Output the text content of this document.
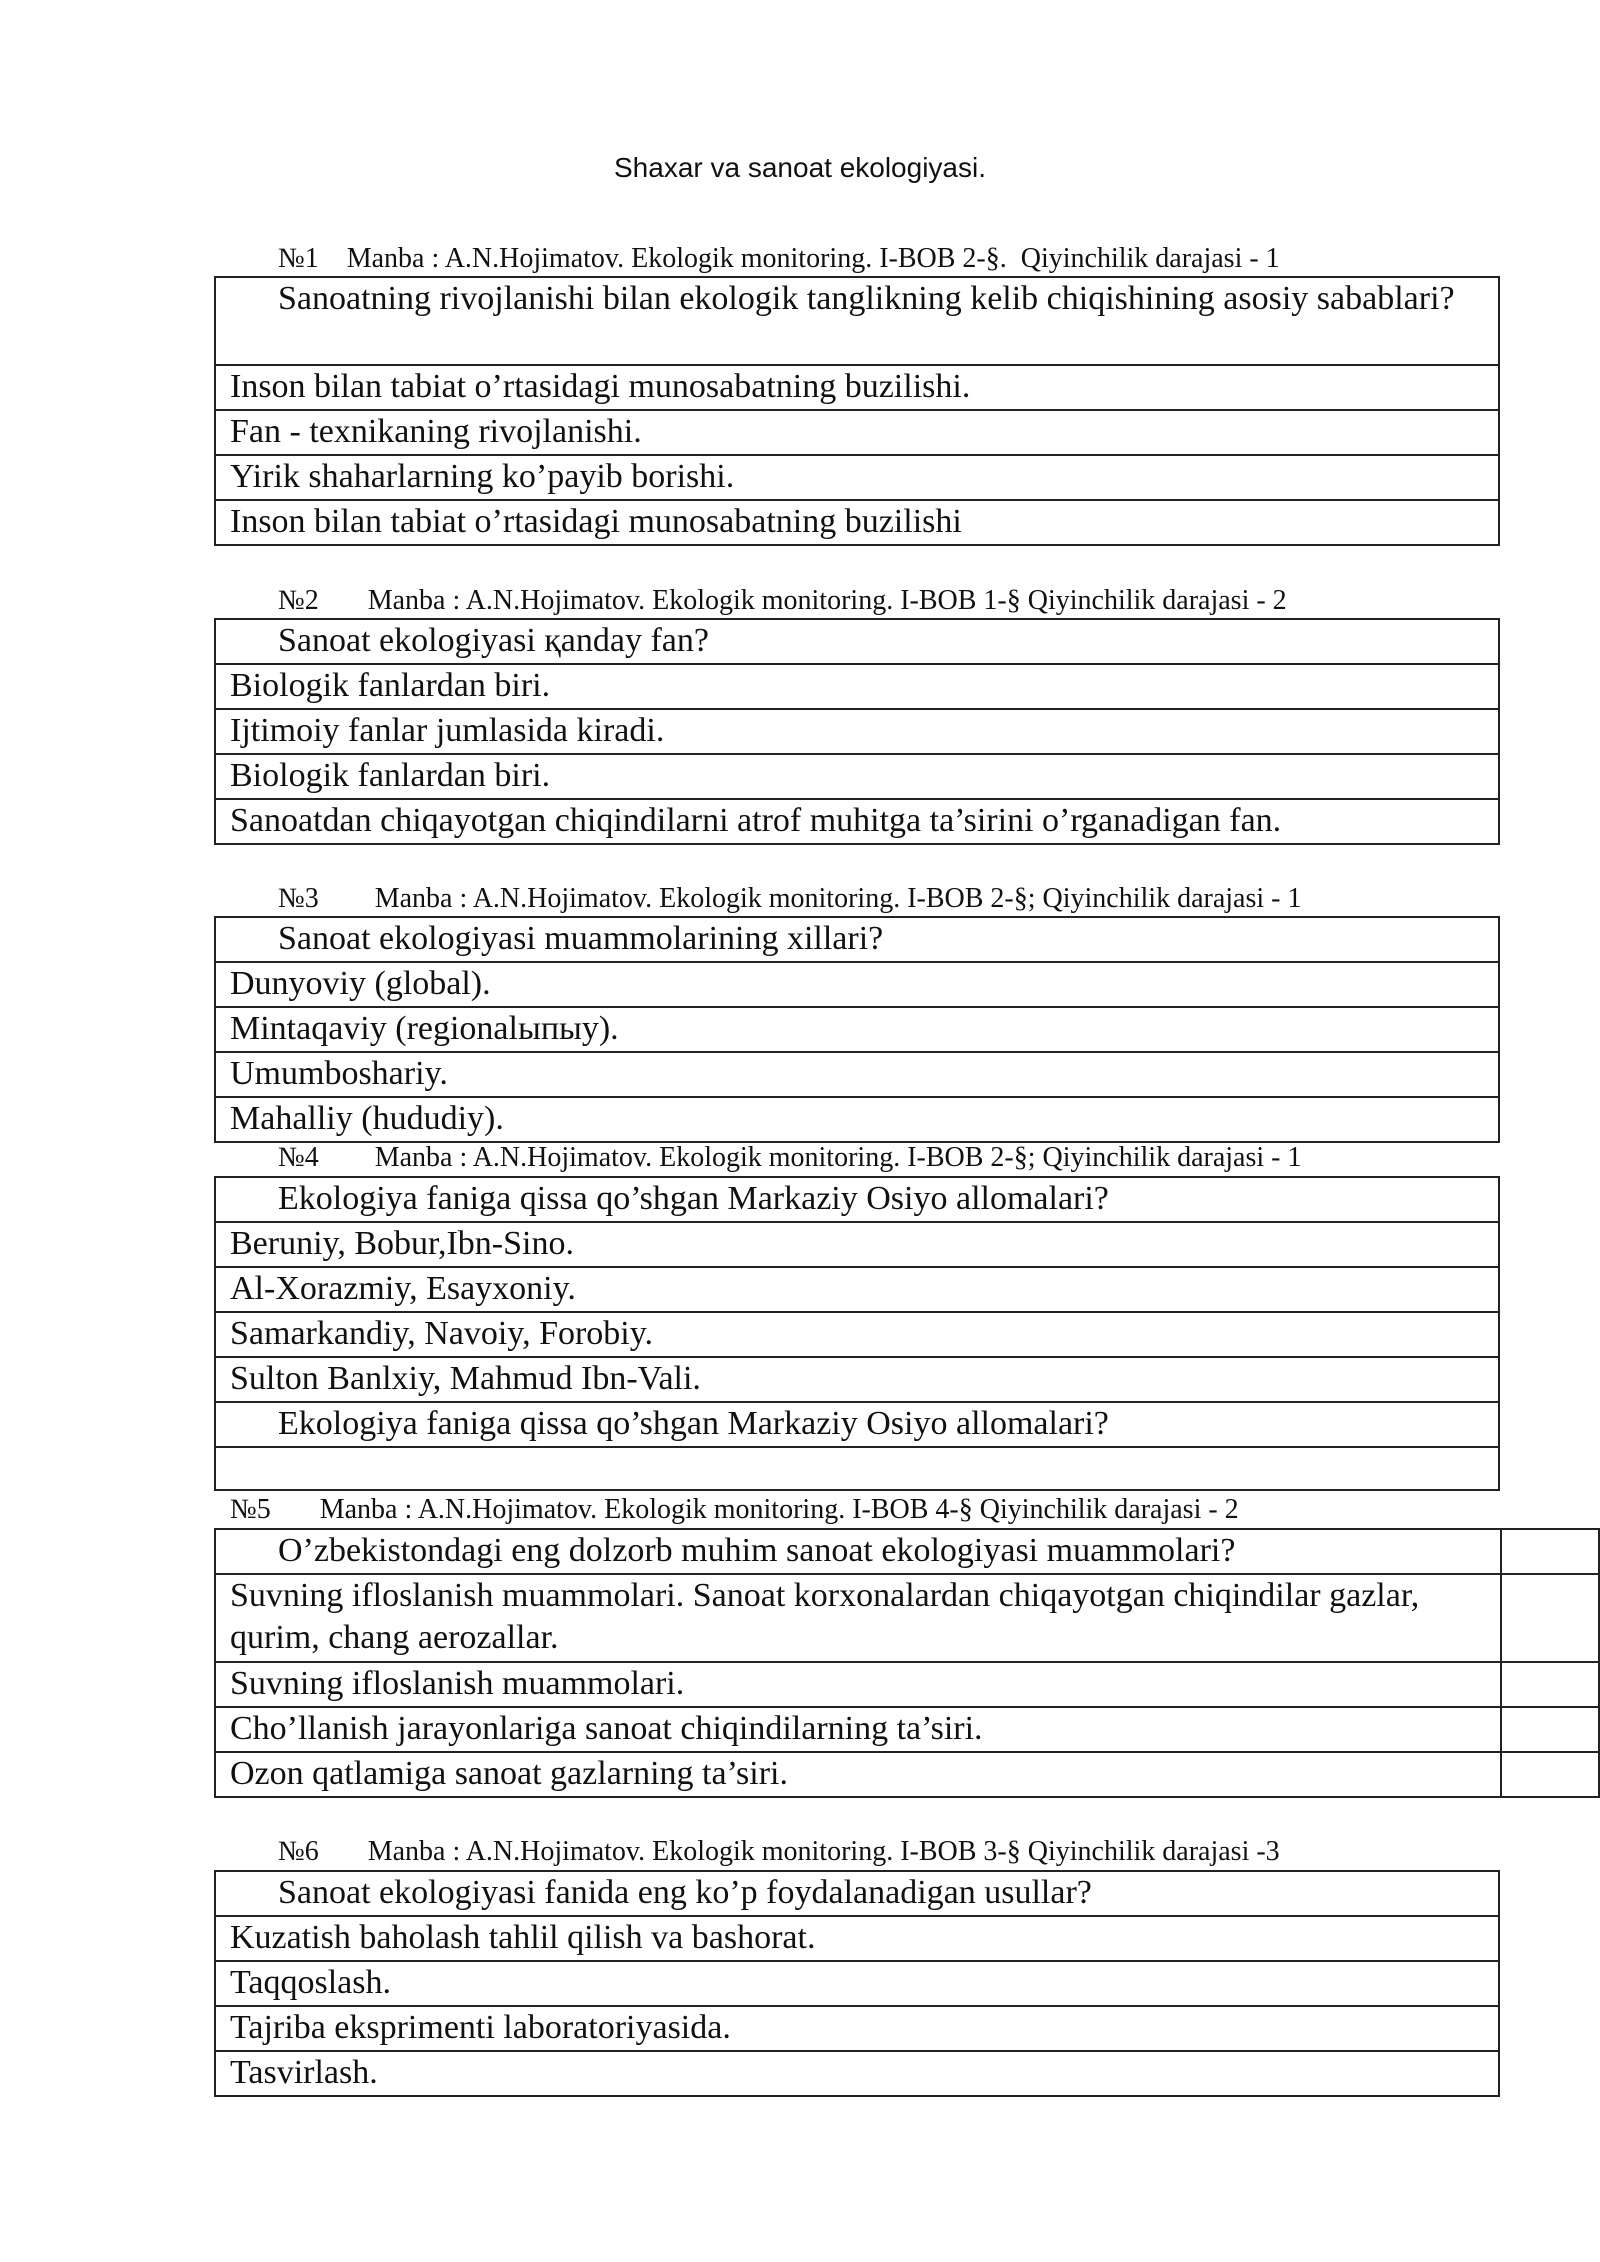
Shaxar va sanoat ekologiyasi.
№1    Manba : A.N.Hojimatov. Ekologik monitoring. I-BOB 2-§.  Qiyinchilik darajasi - 1
Sanoatning rivojlanishi bilan ekologik tanglikning kelib chiqishining asosiy sabablari?
Inson bilan tabiat o’rtasidagi munosabatning buzilishi.
Fan - texnikaning rivojlanishi.
Yirik shaharlarning ko’payib borishi.
Inson bilan tabiat o’rtasidagi munosabatning buzilishi
№2       Manba : A.N.Hojimatov. Ekologik monitoring. I-BOB 1-§ Qiyinchilik darajasi - 2
Sanoat ekologiyasi қanday fan?
Biologik fanlardan biri.
Ijtimoiy fanlar jumlasida kiradi.
Biologik fanlardan biri.
Sanoatdan chiqayotgan chiqindilarni atrof muhitga ta’sirini o’rganadigan fan.
№3        Manba : A.N.Hojimatov. Ekologik monitoring. I-BOB 2-§; Qiyinchilik darajasi - 1
Sanoat ekologiyasi muammolarining xillari?
Dunyoviy (global).
Mintaqaviy (regionalыпыу).
Umumboshariy.
Mahalliy (hududiy).
№4        Manba : A.N.Hojimatov. Ekologik monitoring. I-BOB 2-§; Qiyinchilik darajasi - 1
Ekologiya faniga qissa qo’shgan Markaziy Osiyo allomalari?
Beruniy, Bobur,Ibn-Sino.
Al-Xorazmiy, Esayxoniy.
Samarkandiy, Navoiy, Forobiy.
Sulton Banlxiy, Mahmud Ibn-Vali.
Ekologiya faniga qissa qo’shgan Markaziy Osiyo allomalari?

№5       Manba : A.N.Hojimatov. Ekologik monitoring. I-BOB 4-§ Qiyinchilik darajasi - 2
O’zbekistondagi eng dolzorb muhim sanoat ekologiyasi muammolari?	
Suvning ifloslanish muammolari. Sanoat korxonalardan chiqayotgan chiqindilar gazlar, qurim, chang aerozallar.	
Suvning ifloslanish muammolari.	
Cho’llanish jarayonlariga sanoat chiqindilarning ta’siri.	
Ozon qatlamiga sanoat gazlarning ta’siri.	
№6       Manba : A.N.Hojimatov. Ekologik monitoring. I-BOB 3-§ Qiyinchilik darajasi -3
Sanoat ekologiyasi fanida eng ko’p foydalanadigan usullar?
Kuzatish baholash tahlil qilish va bashorat.
Taqqoslash.
Tajriba eksprimenti laboratoriyasida.
Tasvirlash.
